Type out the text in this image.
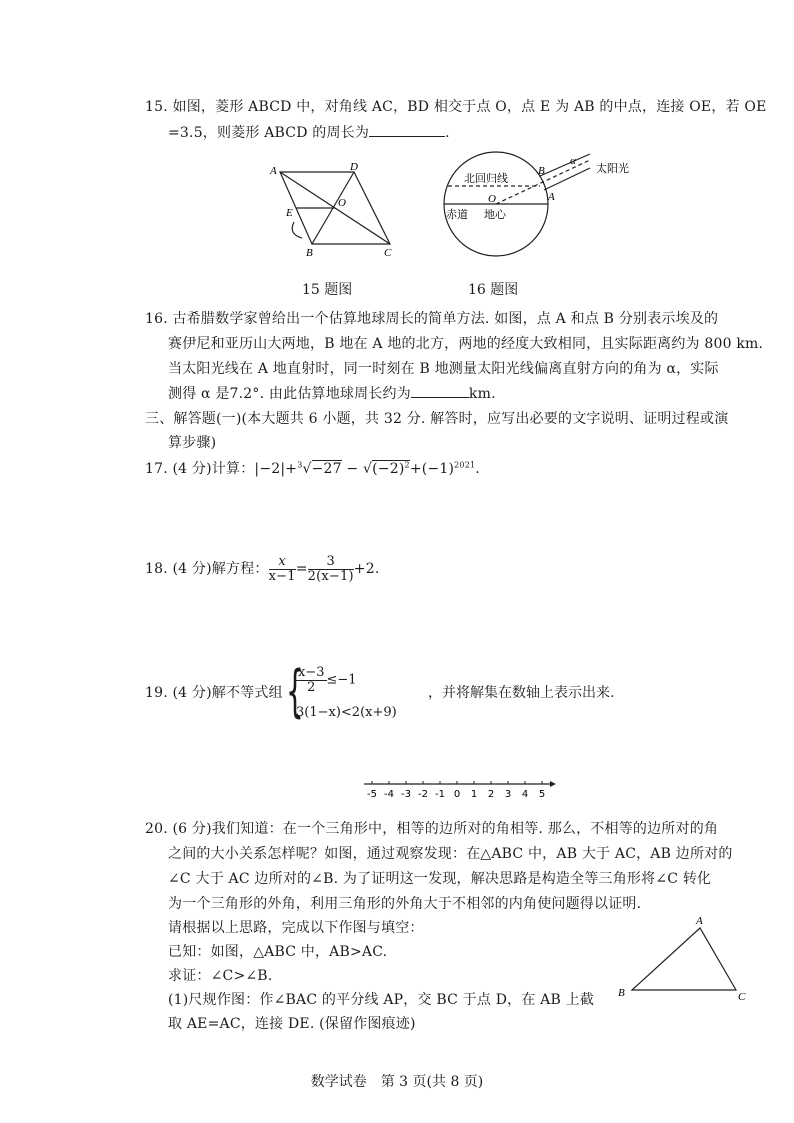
15. 如图，菱形 ABCD 中，对角线 AC，BD 相交于点 O，点 E 为 AB 的中点，连接 OE，若 OE
=3.5，则菱形 ABCD 的周长为	.
A	D
E
O
B	C
北回归线
赤道 地心
O
B
A
α
太阳光
15 题图	16 题图
16. 古希腊数学家曾给出一个估算地球周长的简单方法. 如图，点 A 和点 B 分别表示埃及的
赛伊尼和亚历山大两地，B 地在 A 地的北方，两地的经度大致相同，且实际距离约为 800 km.
当太阳光线在 A 地直射时，同一时刻在 B 地测量太阳光线偏离直射方向的角为 α，实际
测得 α 是7.2°. 由此估算地球周长约为	km.
三、解答题(一)(本大题共 6 小题，共 32 分. 解答时，应写出必要的文字说明、证明过程或演
算步骤)
17. (4 分)计算：$|-2|+^3√-27 - √(-2)^2+(-1)^{2021}$.
18. (4 分)解方程： $\frac{x}{x-1} = \frac{3}{2(x-1)} +2$.
19. (4 分)解不等式组 {
$\frac{x-3}{2} \le-1$
3(1−x)<2(x+9)
，并将解集在数轴上表示出来.
-5 -4 -3 -2 -1 0 1 2 3 4 5
20. (6 分)我们知道：在一个三角形中，相等的边所对的角相等. 那么，不相等的边所对的角
之间的大小关系怎样呢？如图，通过观察发现：在△ABC 中，AB 大于 AC，AB 边所对的
∠C 大于 AC 边所对的∠B. 为了证明这一发现，解决思路是构造全等三角形将∠C 转化
为一个三角形的外角，利用三角形的外角大于不相邻的内角使问题得以证明.
请根据以上思路，完成以下作图与填空：
已知：如图，△ABC 中，AB>AC.
求证：∠C>∠B.
(1)尺规作图：作∠BAC 的平分线 AP，交 BC 于点 D，在 AB 上截
取 AE=AC，连接 DE. (保留作图痕迹)
A
B	C
数学试卷　第 3 页(共 8 页)
